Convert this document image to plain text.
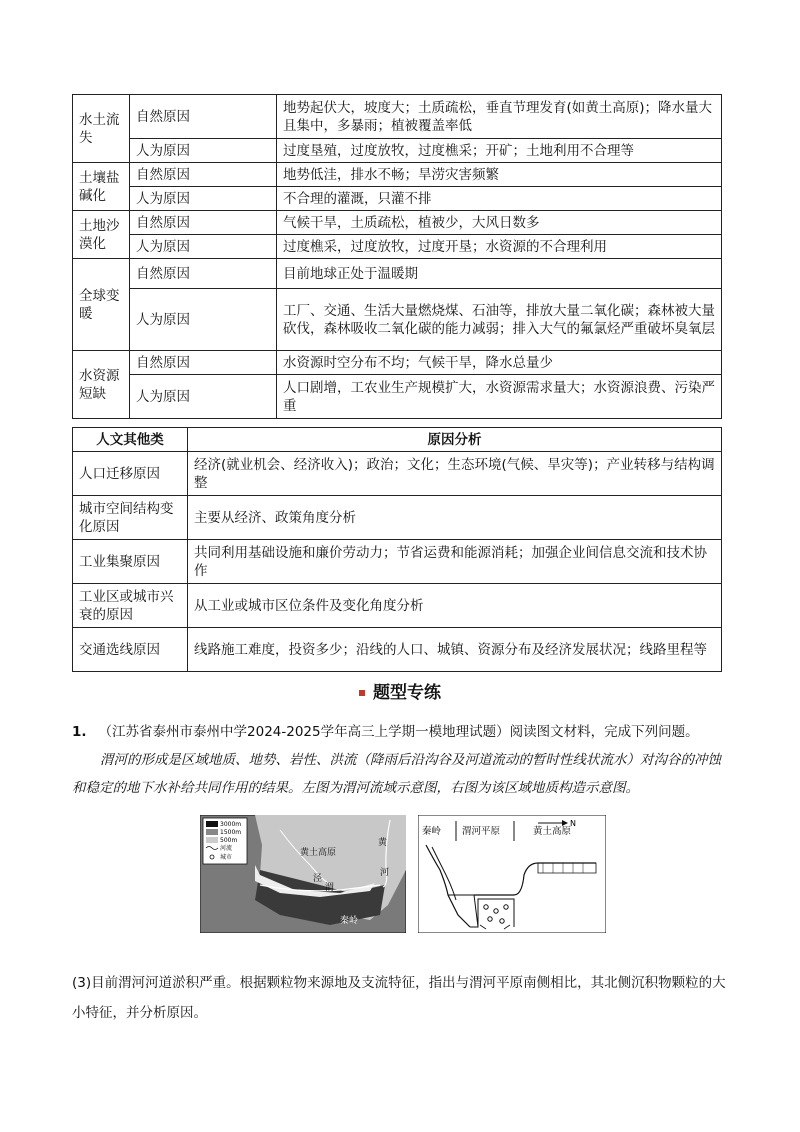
水土流失	自然原因	地势起伏大，坡度大；土质疏松，垂直节理发育(如黄土高原)；降水量大且集中，多暴雨；植被覆盖率低
	人为原因	过度垦殖，过度放牧，过度樵采；开矿；土地利用不合理等
土壤盐碱化	自然原因	地势低洼，排水不畅；旱涝灾害频繁
	人为原因	不合理的灌溉，只灌不排
土地沙漠化	自然原因	气候干旱，土质疏松，植被少，大风日数多
	人为原因	过度樵采，过度放牧，过度开垦；水资源的不合理利用
全球变暖	自然原因	目前地球正处于温暖期
	人为原因	工厂、交通、生活大量燃烧煤、石油等，排放大量二氧化碳；森林被大量砍伐，森林吸收二氧化碳的能力减弱；排入大气的氟氯烃严重破坏臭氧层
水资源短缺	自然原因	水资源时空分布不均；气候干旱，降水总量少
	人为原因	人口剧增，工农业生产规模扩大，水资源需求量大；水资源浪费、污染严重
人文其他类	原因分析
人口迁移原因	经济(就业机会、经济收入)；政治；文化；生态环境(气候、旱灾等)；产业转移与结构调整
城市空间结构变化原因	主要从经济、政策角度分析
工业集聚原因	共同利用基础设施和廉价劳动力；节省运费和能源消耗；加强企业间信息交流和技术协作
工业区或城市兴衰的原因	从工业或城市区位条件及变化角度分析
交通选线原因	线路施工难度，投资多少；沿线的人口、城镇、资源分布及经济发展状况；线路里程等
题型专练
1. （江苏省泰州市泰州中学2024-2025学年高三上学期一模地理试题）阅读图文材料，完成下列问题。
渭河的形成是区域地质、地势、岩性、洪流（降雨后沿沟谷及河道流动的暂时性线状流水）对沟谷的冲蚀和稳定的地下水补给共同作用的结果。左图为渭河流域示意图，右图为该区域地质构造示意图。
3000m
1500m
500m
河流
城市	黄土高原
泾
渭
黄
河
秦岭
秦岭 渭河平原	黄土高原
N
(3)目前渭河河道淤积严重。根据颗粒物来源地及支流特征，指出与渭河平原南侧相比，其北侧沉积物颗粒的大小特征，并分析原因。
